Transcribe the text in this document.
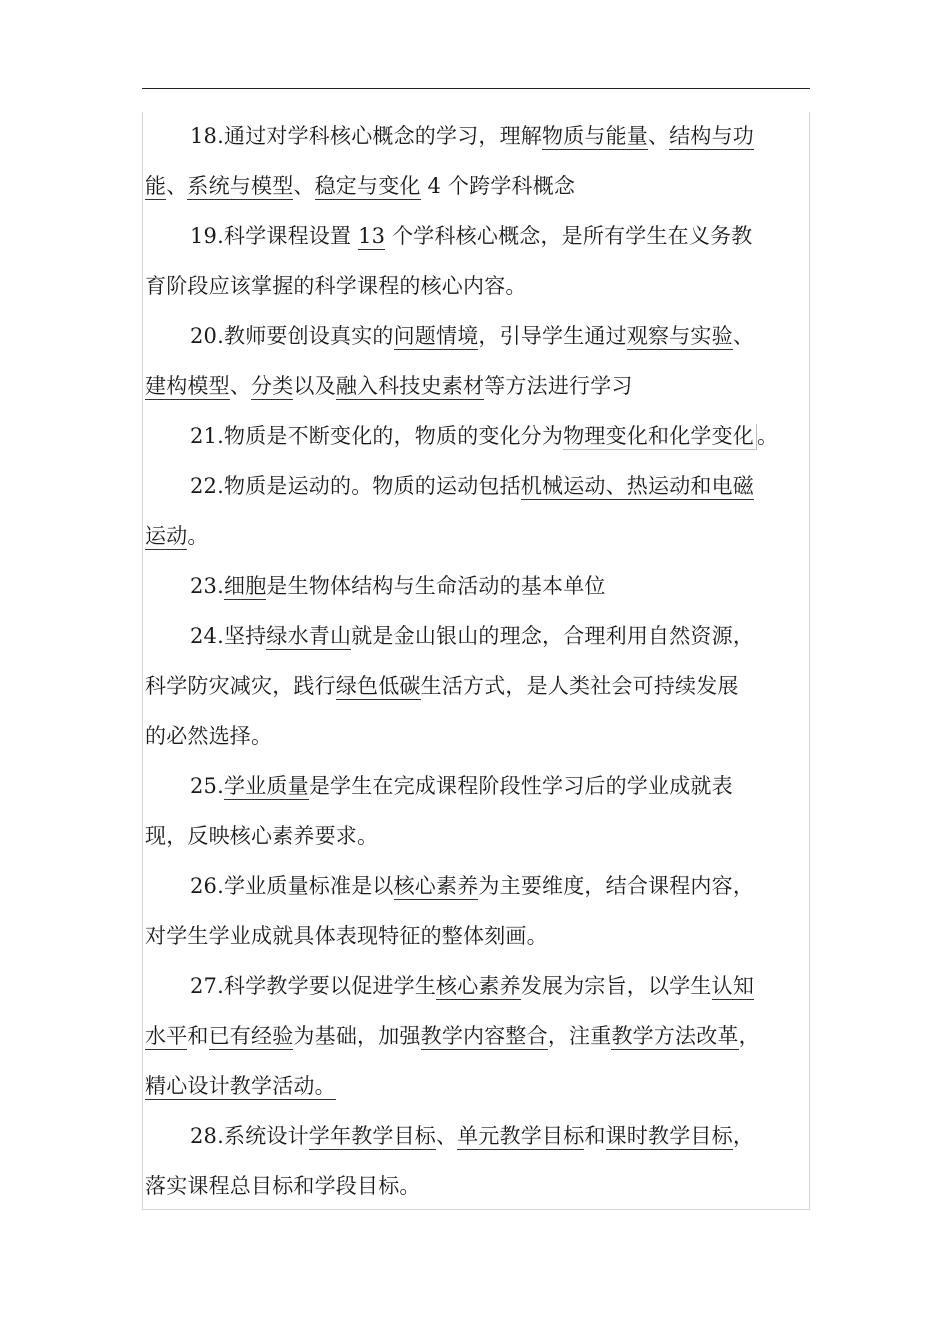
18.通过对学科核心概念的学习，理解物质与能量、结构与功
能、系统与模型、稳定与变化 4 个跨学科概念
19.科学课程设置 13 个学科核心概念，是所有学生在义务教
育阶段应该掌握的科学课程的核心内容。
20.教师要创设真实的问题情境，引导学生通过观察与实验、
建构模型、分类以及融入科技史素材等方法进行学习
21.物质是不断变化的，物质的变化分为物理变化和化学变化 。
22.物质是运动的。物质的运动包括机械运动、热运动和电磁
运动。
23.细胞是生物体结构与生命活动的基本单位
24.坚持绿水青山就是金山银山的理念，合理利用自然资源，
科学防灾减灾，践行绿色低碳生活方式，是人类社会可持续发展
的必然选择。
25.学业质量是学生在完成课程阶段性学习后的学业成就表
现，反映核心素养要求。
26.学业质量标准是以核心素养为主要维度，结合课程内容，
对学生学业成就具体表现特征的整体刻画。
27.科学教学要以促进学生核心素养发展为宗旨，以学生认知
水平和已有经验为基础，加强教学内容整合，注重教学方法改革，
精心设计教学活动。
28.系统设计学年教学目标、单元教学目标和课时教学目标，
落实课程总目标和学段目标。
